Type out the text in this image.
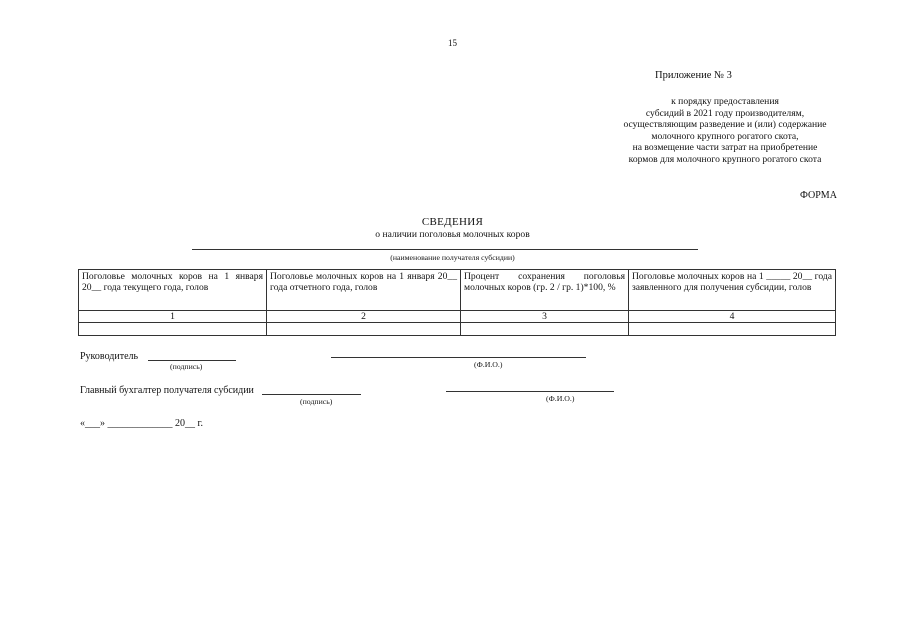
15
Приложение № 3
к порядку предоставления
субсидий в 2021 году производителям,
осуществляющим разведение и (или) содержание
молочного крупного рогатого скота,
на возмещение части затрат на приобретение
кормов для молочного крупного рогатого скота
ФОРМА
СВЕДЕНИЯ
о наличии поголовья молочных коров
(наименование получателя субсидии)
Поголовье молочных коров на 1 января 20__ года текущего года, голов	Поголовье молочных коров на 1 января 20__ года отчетного года, голов	Процент сохранения поголовья молочных коров (гр. 2 / гр. 1)*100, %	Поголовье молочных коров на 1 _____ 20__ года заявленного для получения субсидии, голов
1	2	3	4

Руководитель
(подпись)	(Ф.И.О.)
Главный бухгалтер получателя субсидии
(подпись)	(Ф.И.О.)
«___» _____________ 20__ г.
